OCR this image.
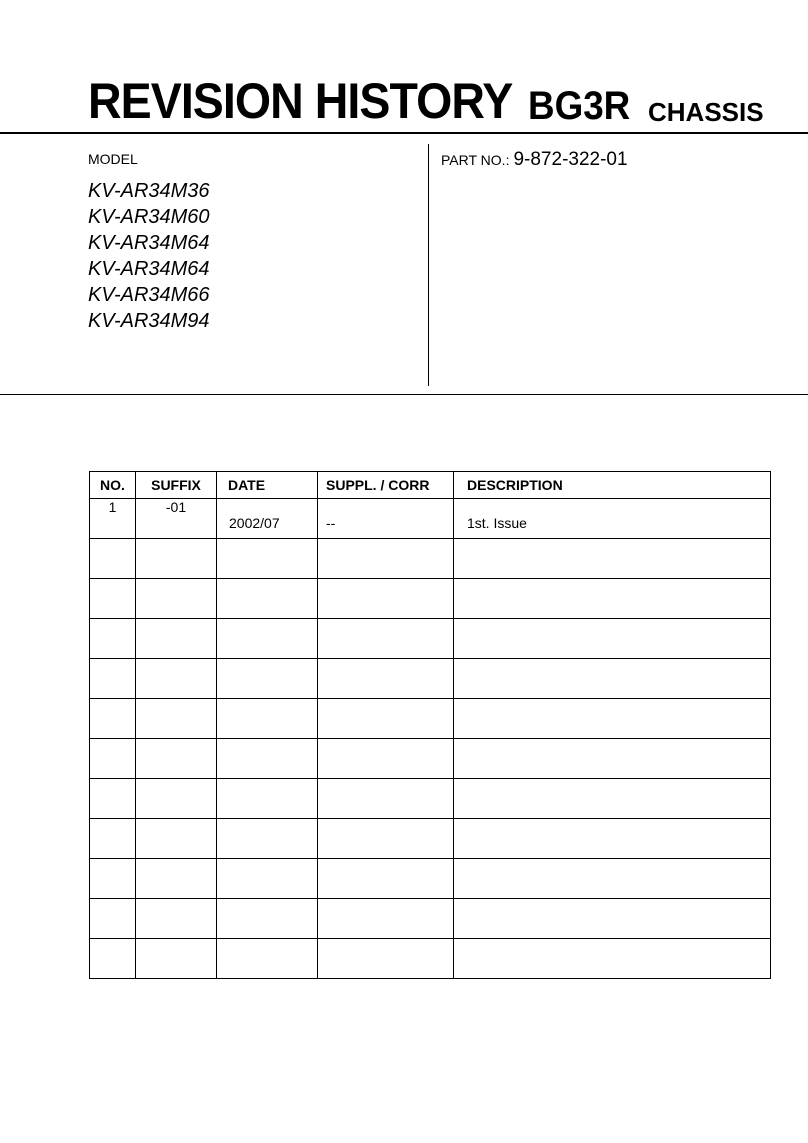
REVISION HISTORY BG3R CHASSIS
MODEL
KV-AR34M36
KV-AR34M60
KV-AR34M64
KV-AR34M64
KV-AR34M66
KV-AR34M94
PART NO.: 9-872-322-01
NO.	SUFFIX	DATE	SUPPL. / CORR	DESCRIPTION
1	-01	2002/07	--	1st. Issue
